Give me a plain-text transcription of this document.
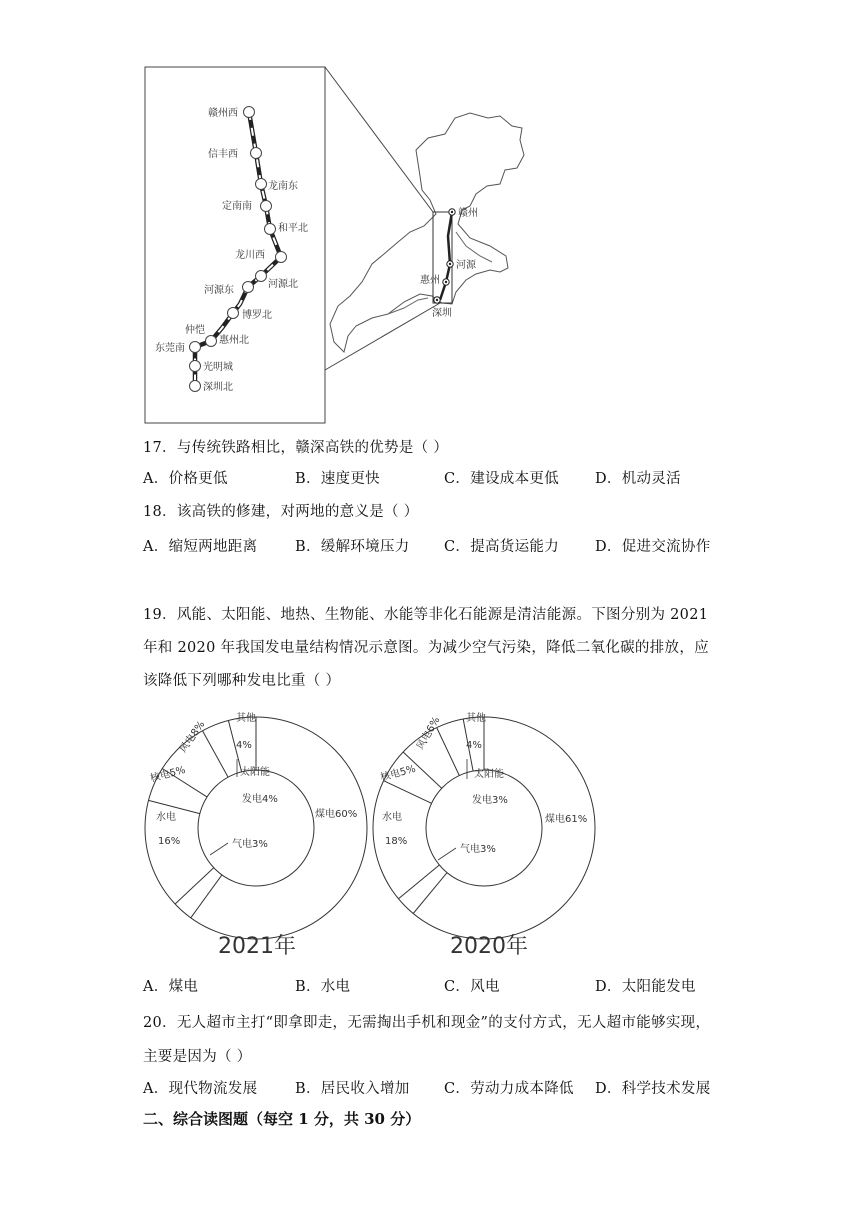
赣州西
信丰西
龙南东
定南南
和平北
龙川西
河源北
河源东
博罗北
惠州北
仲恺
东莞南
光明城
深圳北
赣州
河源
惠州
深圳
17．与传统铁路相比，赣深高铁的优势是（ ）
A．价格更低	B．速度更快	C．建设成本更低 D．机动灵活
18．该高铁的修建，对两地的意义是（ ）
A．缩短两地距离	B．缓解环境压力 C．提高货运能力 D．促进交流协作
19．风能、太阳能、地热、生物能、水能等非化石能源是清洁能源。下图分别为 2021
年和 2020 年我国发电量结构情况示意图。为减少空气污染，降低二氧化碳的排放，应
该降低下列哪种发电比重（ ）
煤电60%
气电3%
水电
16%
核电5%
风电8%
其他
4%
太阳能
发电4%
2021年
煤电61%
气电3%
水电
18%
核电5%
风电6% 其他
4%
太阳能
发电3%
2020年
A．煤电	B．水电	C．风电	D．太阳能发电
20．无人超市主打“即拿即走，无需掏出手机和现金”的支付方式，无人超市能够实现，
主要是因为（ ）
A．现代物流发展	B．居民收入增加 C．劳动力成本降低 D．科学技术发展
二、综合读图题（每空 1 分，共 30 分）
